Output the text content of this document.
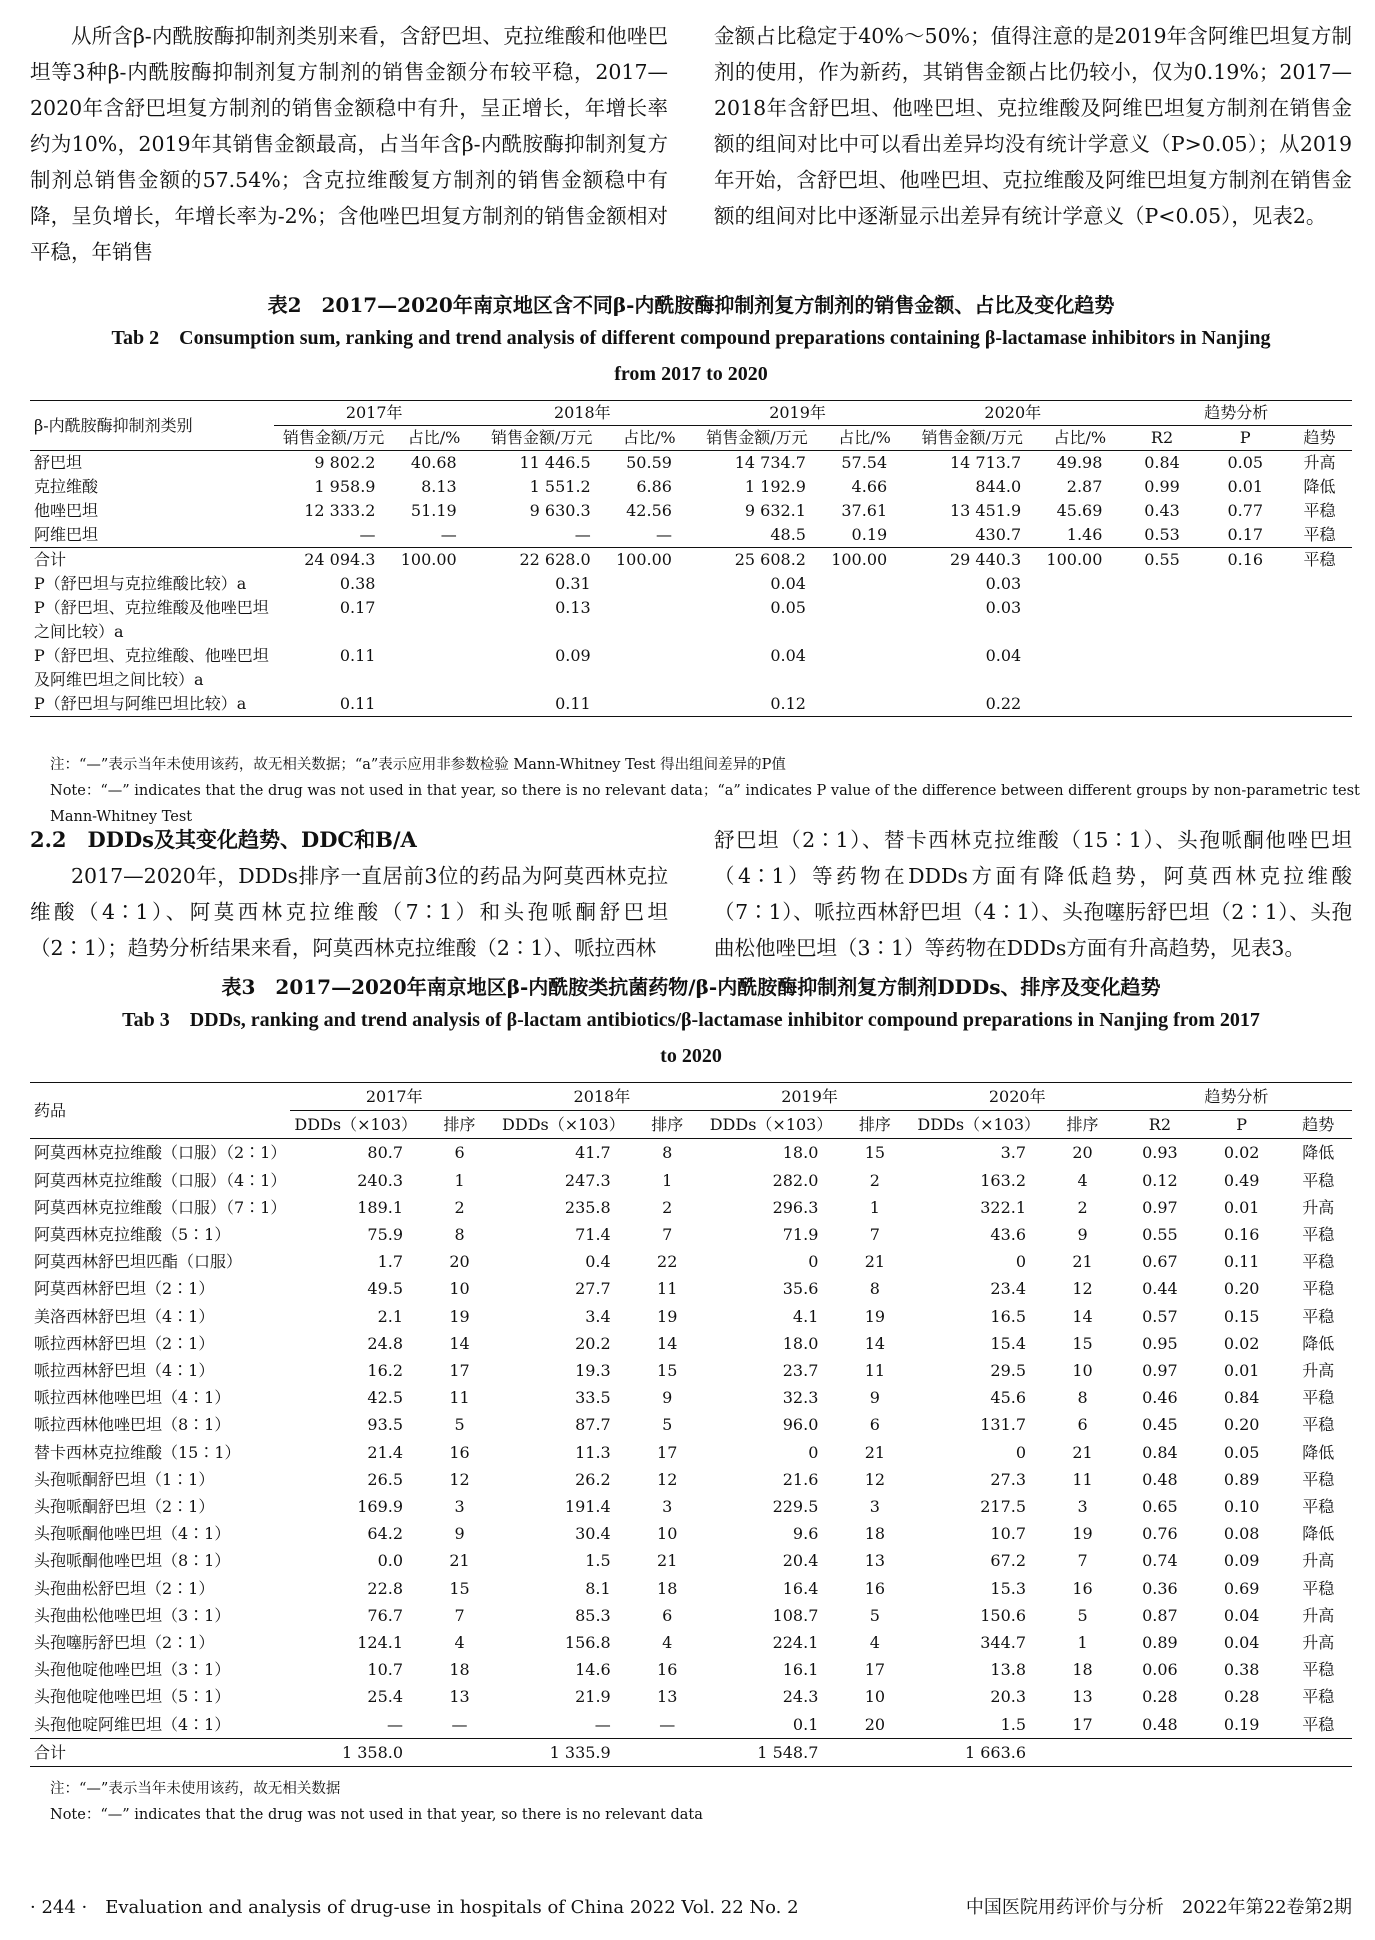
从所含β-内酰胺酶抑制剂类别来看，含舒巴坦、克拉维酸和他唑巴坦等3种β-内酰胺酶抑制剂复方制剂的销售金额分布较平稳，2017—2020年含舒巴坦复方制剂的销售金额稳中有升，呈正增长，年增长率约为10%，2019年其销售金额最高，占当年含β-内酰胺酶抑制剂复方制剂总销售金额的57.54%；含克拉维酸复方制剂的销售金额稳中有降，呈负增长，年增长率为-2%；含他唑巴坦复方制剂的销售金额相对平稳，年销售

金额占比稳定于40%～50%；值得注意的是2019年含阿维巴坦复方制剂的使用，作为新药，其销售金额占比仍较小，仅为0.19%；2017—2018年含舒巴坦、他唑巴坦、克拉维酸及阿维巴坦复方制剂在销售金额的组间对比中可以看出差异均没有统计学意义（P>0.05）；从2019年开始，含舒巴坦、他唑巴坦、克拉维酸及阿维巴坦复方制剂在销售金额的组间对比中逐渐显示出差异有统计学意义（P<0.05），见表2。

表2　2017—2020年南京地区含不同β-内酰胺酶抑制剂复方制剂的销售金额、占比及变化趋势
Tab 2　Consumption sum, ranking and trend analysis of different compound preparations containing β-lactamase inhibitors in Nanjing from 2017 to 2020
β-内酰胺酶抑制剂类别	2017年		2018年		2019年		2020年		趋势分析		
	销售金额/万元	占比/%	销售金额/万元	占比/%	销售金额/万元	占比/%	销售金额/万元	占比/%	R2	P	趋势
舒巴坦	9 802.2	40.68	11 446.5	50.59	14 734.7	57.54	14 713.7	49.98	0.84	0.05	升高
克拉维酸	1 958.9	8.13	1 551.2	6.86	1 192.9	4.66	844.0	2.87	0.99	0.01	降低
他唑巴坦	12 333.2	51.19	9 630.3	42.56	9 632.1	37.61	13 451.9	45.69	0.43	0.77	平稳
阿维巴坦	—	—	—	—	48.5	0.19	430.7	1.46	0.53	0.17	平稳
合计	24 094.3	100.00	22 628.0	100.00	25 608.2	100.00	29 440.3	100.00	0.55	0.16	平稳
P（舒巴坦与克拉维酸比较）a	0.38		0.31		0.04		0.03				
P（舒巴坦、克拉维酸及他唑巴坦之间比较）a	0.17		0.13		0.05		0.03				
P（舒巴坦、克拉维酸、他唑巴坦及阿维巴坦之间比较）a	0.11		0.09		0.04		0.04				
P（舒巴坦与阿维巴坦比较）a	0.11		0.11		0.12		0.22				
注：“—”表示当年未使用该药，故无相关数据；“a”表示应用非参数检验 Mann-Whitney Test 得出组间差异的P值
Note：“—” indicates that the drug was not used in that year, so there is no relevant data；“a” indicates P value of the difference between different groups by non-parametric test Mann-Whitney Test
2.2　DDDs及其变化趋势、DDC和B/A

2017—2020年，DDDs排序一直居前3位的药品为阿莫西林克拉维酸（4∶1）、阿莫西林克拉维酸（7∶1）和头孢哌酮舒巴坦（2∶1）；趋势分析结果来看，阿莫西林克拉维酸（2∶1）、哌拉西林

舒巴坦（2∶1）、替卡西林克拉维酸（15∶1）、头孢哌酮他唑巴坦（4∶1）等药物在DDDs方面有降低趋势，阿莫西林克拉维酸（7∶1）、哌拉西林舒巴坦（4∶1）、头孢噻肟舒巴坦（2∶1）、头孢曲松他唑巴坦（3∶1）等药物在DDDs方面有升高趋势，见表3。

表3　2017—2020年南京地区β-内酰胺类抗菌药物/β-内酰胺酶抑制剂复方制剂DDDs、排序及变化趋势
Tab 3　DDDs, ranking and trend analysis of β-lactam antibiotics/β-lactamase inhibitor compound preparations in Nanjing from 2017 to 2020
药品	2017年		2018年		2019年		2020年		趋势分析		
	DDDs（×103）	排序	DDDs（×103）	排序	DDDs（×103）	排序	DDDs（×103）	排序	R2	P	趋势
阿莫西林克拉维酸（口服）（2∶1）	80.7	6	41.7	8	18.0	15	3.7	20	0.93	0.02	降低
阿莫西林克拉维酸（口服）（4∶1）	240.3	1	247.3	1	282.0	2	163.2	4	0.12	0.49	平稳
阿莫西林克拉维酸（口服）（7∶1）	189.1	2	235.8	2	296.3	1	322.1	2	0.97	0.01	升高
阿莫西林克拉维酸（5∶1）	75.9	8	71.4	7	71.9	7	43.6	9	0.55	0.16	平稳
阿莫西林舒巴坦匹酯（口服）	1.7	20	0.4	22	0	21	0	21	0.67	0.11	平稳
阿莫西林舒巴坦（2∶1）	49.5	10	27.7	11	35.6	8	23.4	12	0.44	0.20	平稳
美洛西林舒巴坦（4∶1）	2.1	19	3.4	19	4.1	19	16.5	14	0.57	0.15	平稳
哌拉西林舒巴坦（2∶1）	24.8	14	20.2	14	18.0	14	15.4	15	0.95	0.02	降低
哌拉西林舒巴坦（4∶1）	16.2	17	19.3	15	23.7	11	29.5	10	0.97	0.01	升高
哌拉西林他唑巴坦（4∶1）	42.5	11	33.5	9	32.3	9	45.6	8	0.46	0.84	平稳
哌拉西林他唑巴坦（8∶1）	93.5	5	87.7	5	96.0	6	131.7	6	0.45	0.20	平稳
替卡西林克拉维酸（15∶1）	21.4	16	11.3	17	0	21	0	21	0.84	0.05	降低
头孢哌酮舒巴坦（1∶1）	26.5	12	26.2	12	21.6	12	27.3	11	0.48	0.89	平稳
头孢哌酮舒巴坦（2∶1）	169.9	3	191.4	3	229.5	3	217.5	3	0.65	0.10	平稳
头孢哌酮他唑巴坦（4∶1）	64.2	9	30.4	10	9.6	18	10.7	19	0.76	0.08	降低
头孢哌酮他唑巴坦（8∶1）	0.0	21	1.5	21	20.4	13	67.2	7	0.74	0.09	升高
头孢曲松舒巴坦（2∶1）	22.8	15	8.1	18	16.4	16	15.3	16	0.36	0.69	平稳
头孢曲松他唑巴坦（3∶1）	76.7	7	85.3	6	108.7	5	150.6	5	0.87	0.04	升高
头孢噻肟舒巴坦（2∶1）	124.1	4	156.8	4	224.1	4	344.7	1	0.89	0.04	升高
头孢他啶他唑巴坦（3∶1）	10.7	18	14.6	16	16.1	17	13.8	18	0.06	0.38	平稳
头孢他啶他唑巴坦（5∶1）	25.4	13	21.9	13	24.3	10	20.3	13	0.28	0.28	平稳
头孢他啶阿维巴坦（4∶1）	—	—	—	—	0.1	20	1.5	17	0.48	0.19	平稳
合计	1 358.0		1 335.9		1 548.7		1 663.6				
注：“—”表示当年未使用该药，故无相关数据
Note：“—” indicates that the drug was not used in that year, so there is no relevant data
· 244 ·　Evaluation and analysis of drug-use in hospitals of China 2022 Vol. 22 No. 2	中国医院用药评价与分析　2022年第22卷第2期
